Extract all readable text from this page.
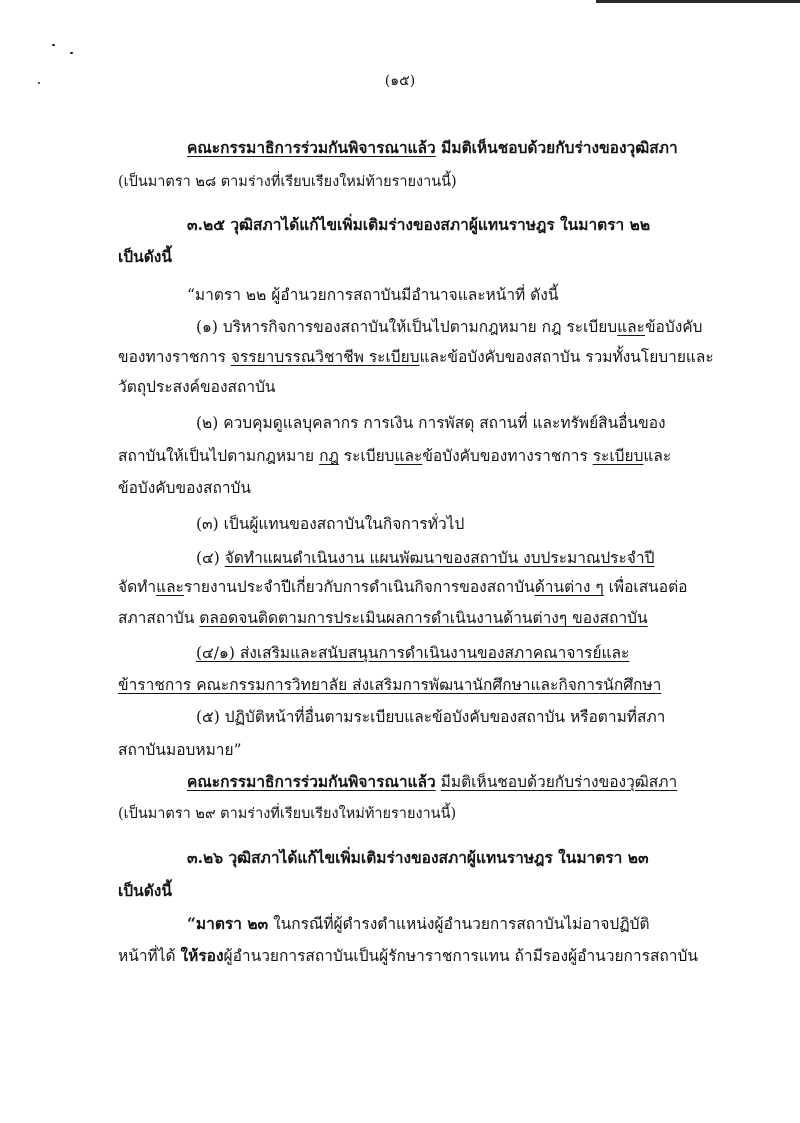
(๑๕)
คณะกรรมาธิการร่วมกันพิจารณาแล้ว มีมติเห็นชอบด้วยกับร่างของวุฒิสภา
(เป็นมาตรา ๒๘ ตามร่างที่เรียบเรียงใหม่ท้ายรายงานนี้)
๓.๒๕ วุฒิสภาได้แก้ไขเพิ่มเติมร่างของสภาผู้แทนราษฎร ในมาตรา ๒๒
เป็นดังนี้
“มาตรา ๒๒ ผู้อำนวยการสถาบันมีอำนาจและหน้าที่ ดังนี้
(๑) บริหารกิจการของสถาบันให้เป็นไปตามกฎหมาย กฎ ระเบียบและข้อบังคับ
ของทางราชการ จรรยาบรรณวิชาชีพ ระเบียบและข้อบังคับของสถาบัน รวมทั้งนโยบายและ
วัตถุประสงค์ของสถาบัน
(๒) ควบคุมดูแลบุคลากร การเงิน การพัสดุ สถานที่ และทรัพย์สินอื่นของ
สถาบันให้เป็นไปตามกฎหมาย กฎ ระเบียบและข้อบังคับของทางราชการ ระเบียบและ
ข้อบังคับของสถาบัน
(๓) เป็นผู้แทนของสถาบันในกิจการทั่วไป
(๔) จัดทำแผนดำเนินงาน แผนพัฒนาของสถาบัน งบประมาณประจำปี
จัดทำและรายงานประจำปีเกี่ยวกับการดำเนินกิจการของสถาบันด้านต่าง ๆ เพื่อเสนอต่อ
สภาสถาบัน ตลอดจนติดตามการประเมินผลการดำเนินงานด้านต่างๆ ของสถาบัน
(๔/๑) ส่งเสริมและสนับสนุนการดำเนินงานของสภาคณาจารย์และ
ข้าราชการ คณะกรรมการวิทยาลัย ส่งเสริมการพัฒนานักศึกษาและกิจการนักศึกษา
(๕) ปฏิบัติหน้าที่อื่นตามระเบียบและข้อบังคับของสถาบัน หรือตามที่สภา
สถาบันมอบหมาย”
คณะกรรมาธิการร่วมกันพิจารณาแล้ว มีมติเห็นชอบด้วยกับร่างของวุฒิสภา
(เป็นมาตรา ๒๙ ตามร่างที่เรียบเรียงใหม่ท้ายรายงานนี้)
๓.๒๖ วุฒิสภาได้แก้ไขเพิ่มเติมร่างของสภาผู้แทนราษฎร ในมาตรา ๒๓
เป็นดังนี้
“มาตรา ๒๓ ในกรณีที่ผู้ดำรงตำแหน่งผู้อำนวยการสถาบันไม่อาจปฏิบัติ
หน้าที่ได้ ให้รองผู้อำนวยการสถาบันเป็นผู้รักษาราชการแทน ถ้ามีรองผู้อำนวยการสถาบัน
